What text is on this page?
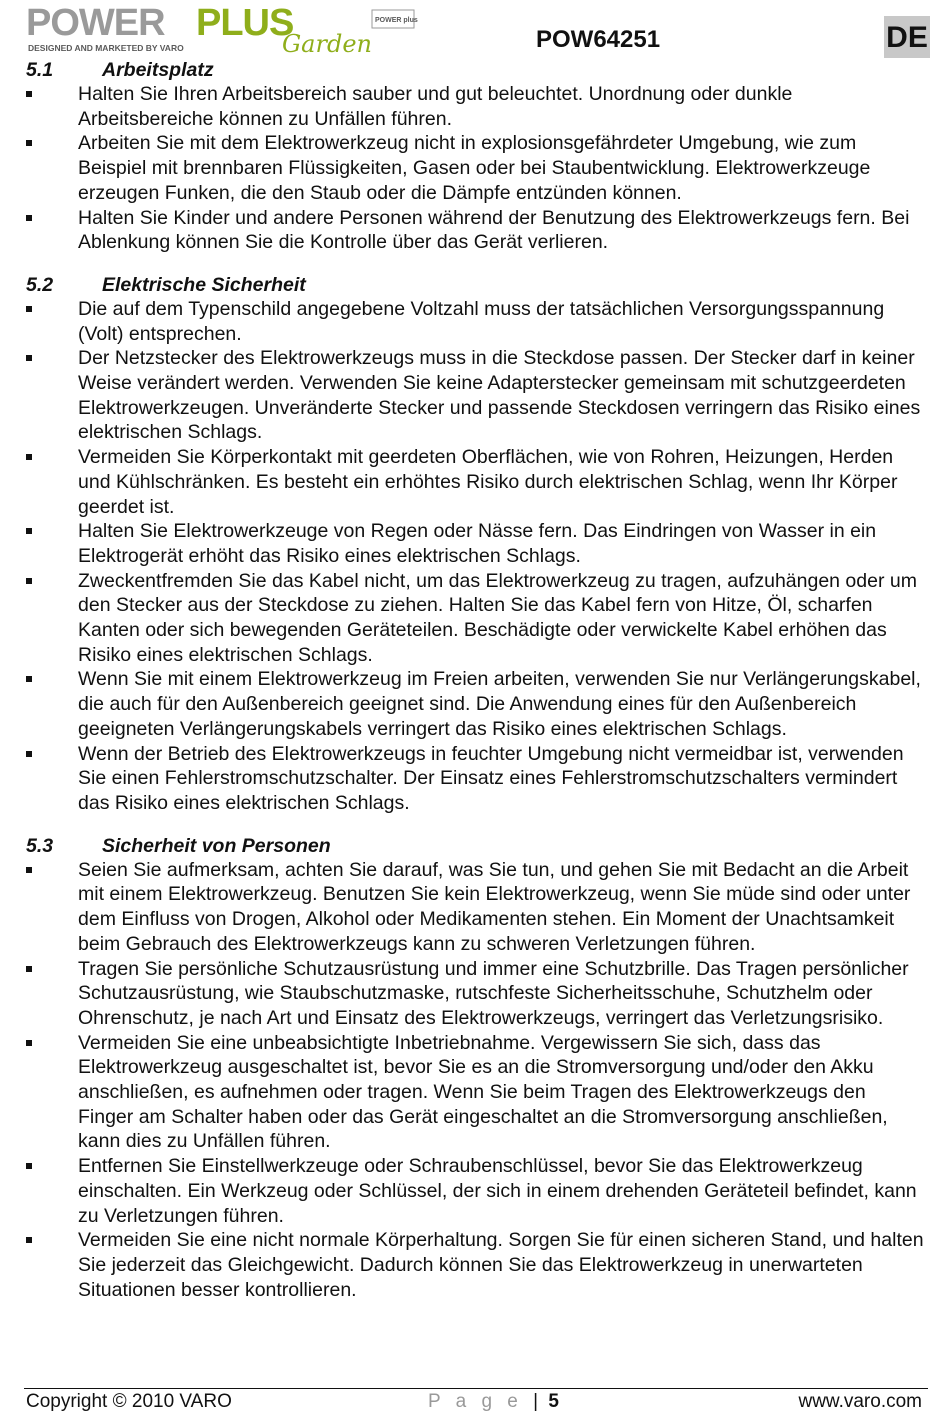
POWER PLUS
DESIGNED AND MARKETED BY VARO	Garden
POWER plus
POW64251	DE
5.1	Arbeitsplatz
Halten Sie Ihren Arbeitsbereich sauber und gut beleuchtet. Unordnung oder dunkle Arbeitsbereiche können zu Unfällen führen.
Arbeiten Sie mit dem Elektrowerkzeug nicht in explosionsgefährdeter Umgebung, wie zum Beispiel mit brennbaren Flüssigkeiten, Gasen oder bei Staubentwicklung. Elektrowerkzeuge erzeugen Funken, die den Staub oder die Dämpfe entzünden können.
Halten Sie Kinder und andere Personen während der Benutzung des Elektrowerkzeugs fern. Bei Ablenkung können Sie die Kontrolle über das Gerät verlieren.
5.2	Elektrische Sicherheit
Die auf dem Typenschild angegebene Voltzahl muss der tatsächlichen Versorgungsspannung (Volt) entsprechen.
Der Netzstecker des Elektrowerkzeugs muss in die Steckdose passen. Der Stecker darf in keiner Weise verändert werden. Verwenden Sie keine Adapterstecker gemeinsam mit schutzgeerdeten Elektrowerkzeugen. Unveränderte Stecker und passende Steckdosen verringern das Risiko eines elektrischen Schlags.
Vermeiden Sie Körperkontakt mit geerdeten Oberflächen, wie von Rohren, Heizungen, Herden und Kühlschränken. Es besteht ein erhöhtes Risiko durch elektrischen Schlag, wenn Ihr Körper geerdet ist.
Halten Sie Elektrowerkzeuge von Regen oder Nässe fern. Das Eindringen von Wasser in ein Elektrogerät erhöht das Risiko eines elektrischen Schlags.
Zweckentfremden Sie das Kabel nicht, um das Elektrowerkzeug zu tragen, aufzuhängen oder um den Stecker aus der Steckdose zu ziehen. Halten Sie das Kabel fern von Hitze, Öl, scharfen Kanten oder sich bewegenden Geräteteilen. Beschädigte oder verwickelte Kabel erhöhen das Risiko eines elektrischen Schlags.
Wenn Sie mit einem Elektrowerkzeug im Freien arbeiten, verwenden Sie nur Verlängerungskabel, die auch für den Außenbereich geeignet sind. Die Anwendung eines für den Außenbereich geeigneten Verlängerungskabels verringert das Risiko eines elektrischen Schlags.
Wenn der Betrieb des Elektrowerkzeugs in feuchter Umgebung nicht vermeidbar ist, verwenden Sie einen Fehlerstromschutzschalter. Der Einsatz eines Fehlerstromschutzschalters vermindert das Risiko eines elektrischen Schlags.
5.3	Sicherheit von Personen
Seien Sie aufmerksam, achten Sie darauf, was Sie tun, und gehen Sie mit Bedacht an die Arbeit mit einem Elektrowerkzeug. Benutzen Sie kein Elektrowerkzeug, wenn Sie müde sind oder unter dem Einfluss von Drogen, Alkohol oder Medikamenten stehen. Ein Moment der Unachtsamkeit beim Gebrauch des Elektrowerkzeugs kann zu schweren Verletzungen führen.
Tragen Sie persönliche Schutzausrüstung und immer eine Schutzbrille. Das Tragen persönlicher Schutzausrüstung, wie Staubschutzmaske, rutschfeste Sicherheitsschuhe, Schutzhelm oder Ohrenschutz, je nach Art und Einsatz des Elektrowerkzeugs, verringert das Verletzungsrisiko.
Vermeiden Sie eine unbeabsichtigte Inbetriebnahme. Vergewissern Sie sich, dass das Elektrowerkzeug ausgeschaltet ist, bevor Sie es an die Stromversorgung und/oder den Akku anschließen, es aufnehmen oder tragen. Wenn Sie beim Tragen des Elektrowerkzeugs den Finger am Schalter haben oder das Gerät eingeschaltet an die Stromversorgung anschließen, kann dies zu Unfällen führen.
Entfernen Sie Einstellwerkzeuge oder Schraubenschlüssel, bevor Sie das Elektrowerkzeug einschalten. Ein Werkzeug oder Schlüssel, der sich in einem drehenden Geräteteil befindet, kann zu Verletzungen führen.
Vermeiden Sie eine nicht normale Körperhaltung. Sorgen Sie für einen sicheren Stand, und halten Sie jederzeit das Gleichgewicht. Dadurch können Sie das Elektrowerkzeug in unerwarteten Situationen besser kontrollieren.
Copyright © 2010 VARO	P a g e | 5	www.varo.com
